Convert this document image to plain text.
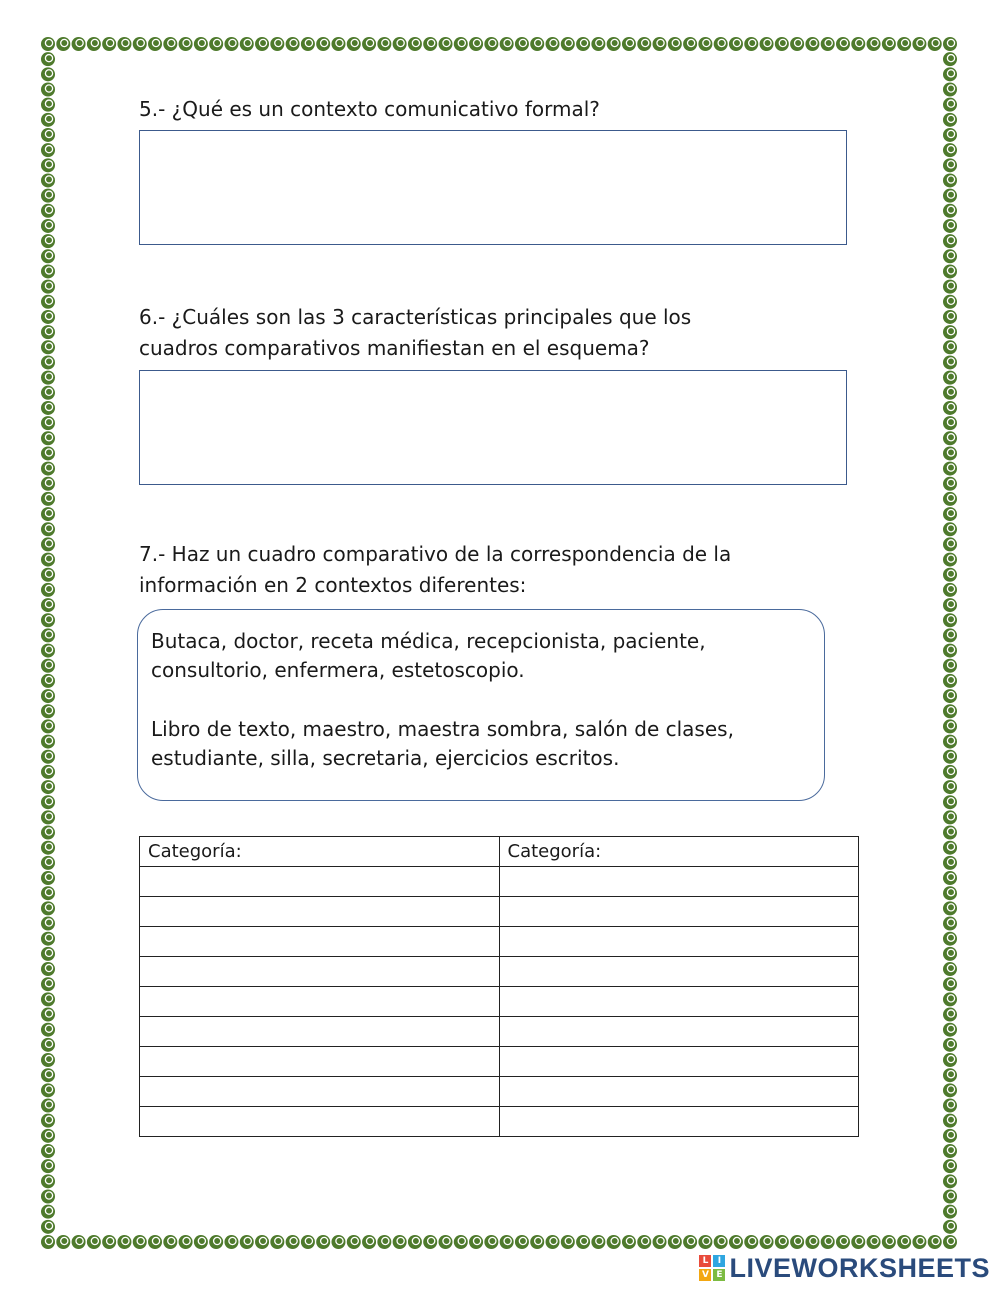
5.- ¿Qué es un contexto comunicativo formal?
6.- ¿Cuáles son las 3 características principales que los
cuadros comparativos manifiestan en el esquema?
7.- Haz un cuadro comparativo de la correspondencia de la
información en 2 contextos diferentes:

Butaca, doctor, receta médica, recepcionista, paciente,
consultorio, enfermera, estetoscopio.

Libro de texto, maestro, maestra sombra, salón de clases,
estudiante, silla, secretaria, ejercicios escritos.

Categoría:	Categoría:

L	I
V E LIVEWORKSHEETS
